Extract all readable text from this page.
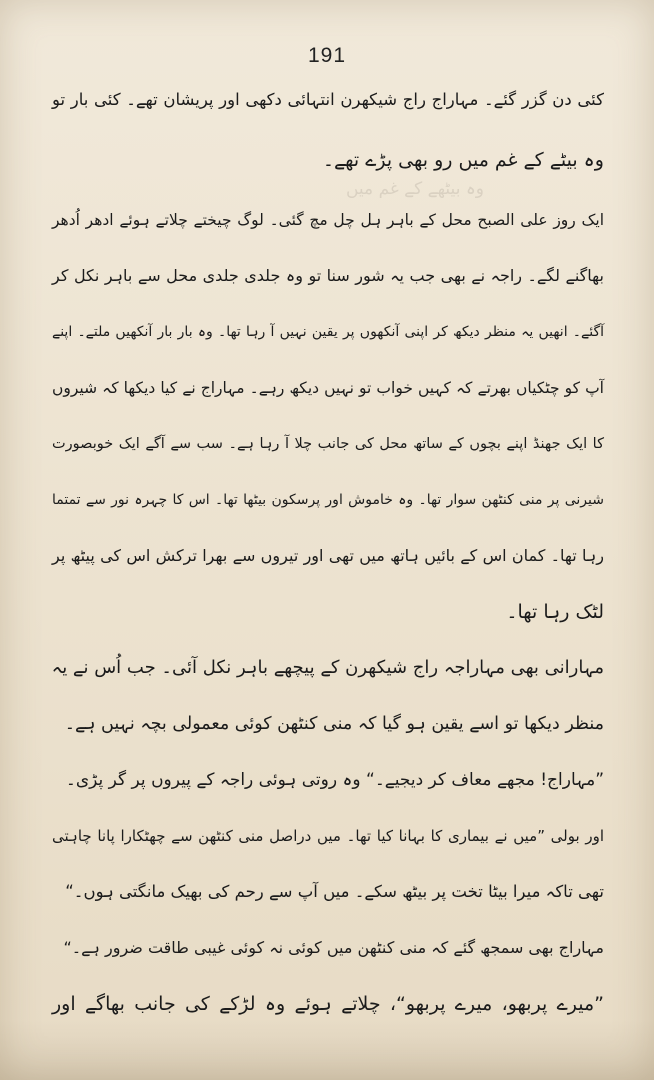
191
وہ بیٹھے کے غم میں
کئی دن گزر گئے۔ مہاراج راج شیکھرن انتہائی دکھی اور پریشان تھے۔ کئی بار تو
وہ بیٹے کے غم میں رو بھی پڑے تھے۔
ایک روز علی الصبح محل کے باہر ہل چل مچ گئی۔ لوگ چیختے چلاتے ہوئے ادھر اُدھر
بھاگنے لگے۔ راجہ نے بھی جب یہ شور سنا تو وہ جلدی جلدی محل سے باہر نکل کر
آگئے۔ انھیں یہ منظر دیکھ کر اپنی آنکھوں پر یقین نہیں آ رہا تھا۔ وہ بار بار آنکھیں ملتے۔ اپنے
آپ کو چٹکیاں بھرتے کہ کہیں خواب تو نہیں دیکھ رہے۔ مہاراج نے کیا دیکھا کہ شیروں
کا ایک جھنڈ اپنے بچوں کے ساتھ محل کی جانب چلا آ رہا ہے۔ سب سے آگے ایک خوبصورت
شیرنی پر منی کنٹھن سوار تھا۔ وہ خاموش اور پرسکون بیٹھا تھا۔ اس کا چہرہ نور سے تمتما
رہا تھا۔ کمان اس کے بائیں ہاتھ میں تھی اور تیروں سے بھرا ترکش اس کی پیٹھ پر
لٹک رہا تھا۔
مہارانی بھی مہاراجہ راج شیکھرن کے پیچھے باہر نکل آئی۔ جب اُس نے یہ
منظر دیکھا تو اسے یقین ہو گیا کہ منی کنٹھن کوئی معمولی بچہ نہیں ہے۔
”مہاراج! مجھے معاف کر دیجیے۔“ وہ روتی ہوئی راجہ کے پیروں پر گر پڑی۔
اور بولی ”میں نے بیماری کا بہانا کیا تھا۔ میں دراصل منی کنٹھن سے چھٹکارا پانا چاہتی
تھی تاکہ میرا بیٹا تخت پر بیٹھ سکے۔ میں آپ سے رحم کی بھیک مانگتی ہوں۔“
مہاراج بھی سمجھ گئے کہ منی کنٹھن میں کوئی نہ کوئی غیبی طاقت ضرور ہے۔“
”میرے پربھو، میرے پربھو“، چلاتے ہوئے وہ لڑکے کی جانب بھاگے اور
